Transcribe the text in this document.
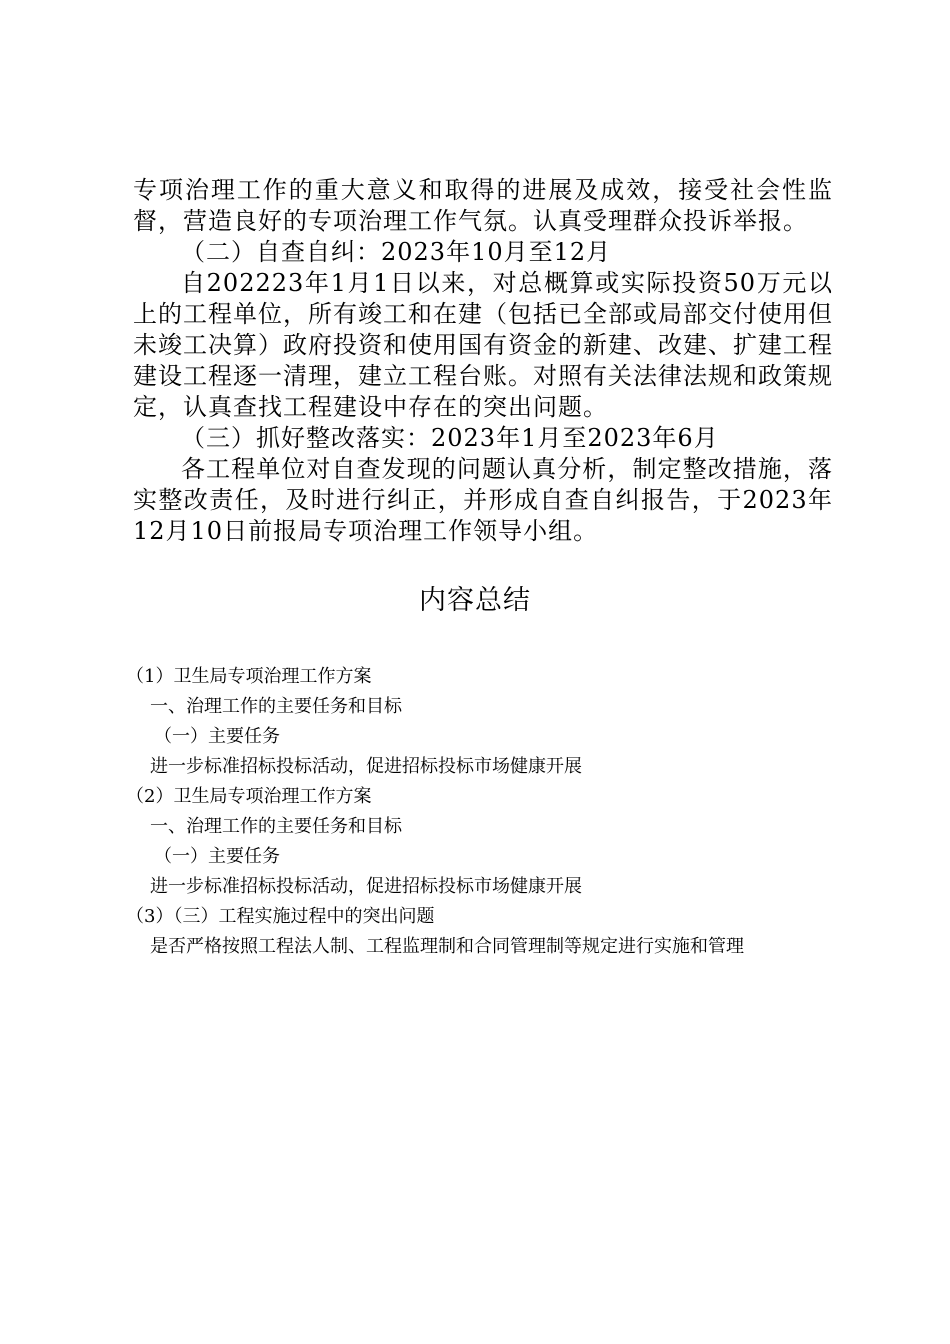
专项治理工作的重大意义和取得的进展及成效，接受社会性监督，营造良好的专项治理工作气氛。认真受理群众投诉举报。

（二）自查自纠：2023年10月至12月

自202223年1月1日以来，对总概算或实际投资50万元以上的工程单位，所有竣工和在建（包括已全部或局部交付使用但未竣工决算）政府投资和使用国有资金的新建、改建、扩建工程建设工程逐一清理，建立工程台账。对照有关法律法规和政策规定，认真查找工程建设中存在的突出问题。

（三）抓好整改落实：2023年1月至2023年6月

各工程单位对自查发现的问题认真分析，制定整改措施，落实整改责任，及时进行纠正，并形成自查自纠报告，于2023年12月10日前报局专项治理工作领导小组。

内容总结

（1）卫生局专项治理工作方案

一、治理工作的主要任务和目标

（一）主要任务

进一步标准招标投标活动，促进招标投标市场健康开展

（2）卫生局专项治理工作方案

一、治理工作的主要任务和目标

（一）主要任务

进一步标准招标投标活动，促进招标投标市场健康开展

（3）（三）工程实施过程中的突出问题

是否严格按照工程法人制、工程监理制和合同管理制等规定进行实施和管理
